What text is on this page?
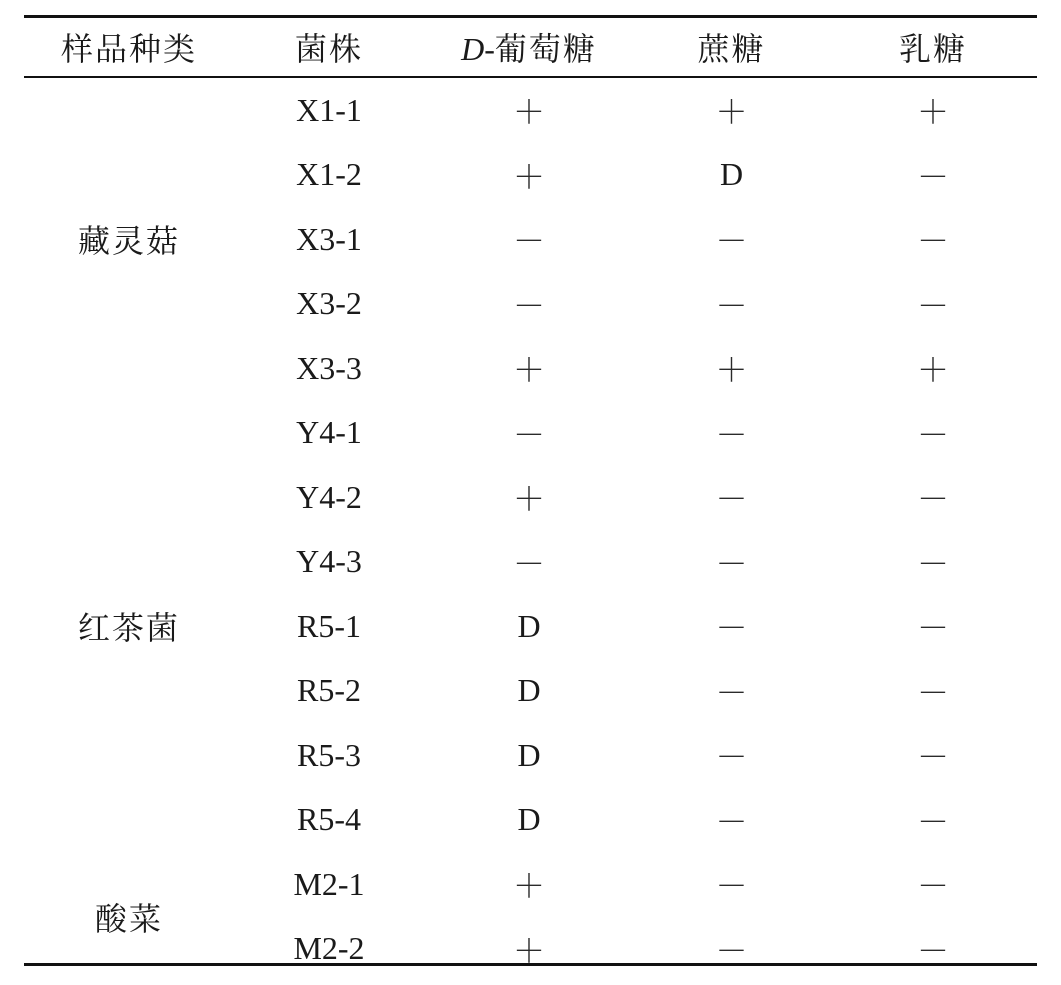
样品种类	菌株	D-葡萄糖	蔗糖	乳糖
藏灵菇	X1-1	＋	＋	＋
	X1-2	＋	D	－
	X3-1	－	－	－
	X3-2	－	－	－
	X3-3	＋	＋	＋
红茶菌	Y4-1	－	－	－
	Y4-2	＋	－	－
	Y4-3	－	－	－
	R5-1	D	－	－
	R5-2	D	－	－
	R5-3	D	－	－
	R5-4	D	－	－
酸菜	M2-1	＋	－	－
	M2-2	＋	－	－
